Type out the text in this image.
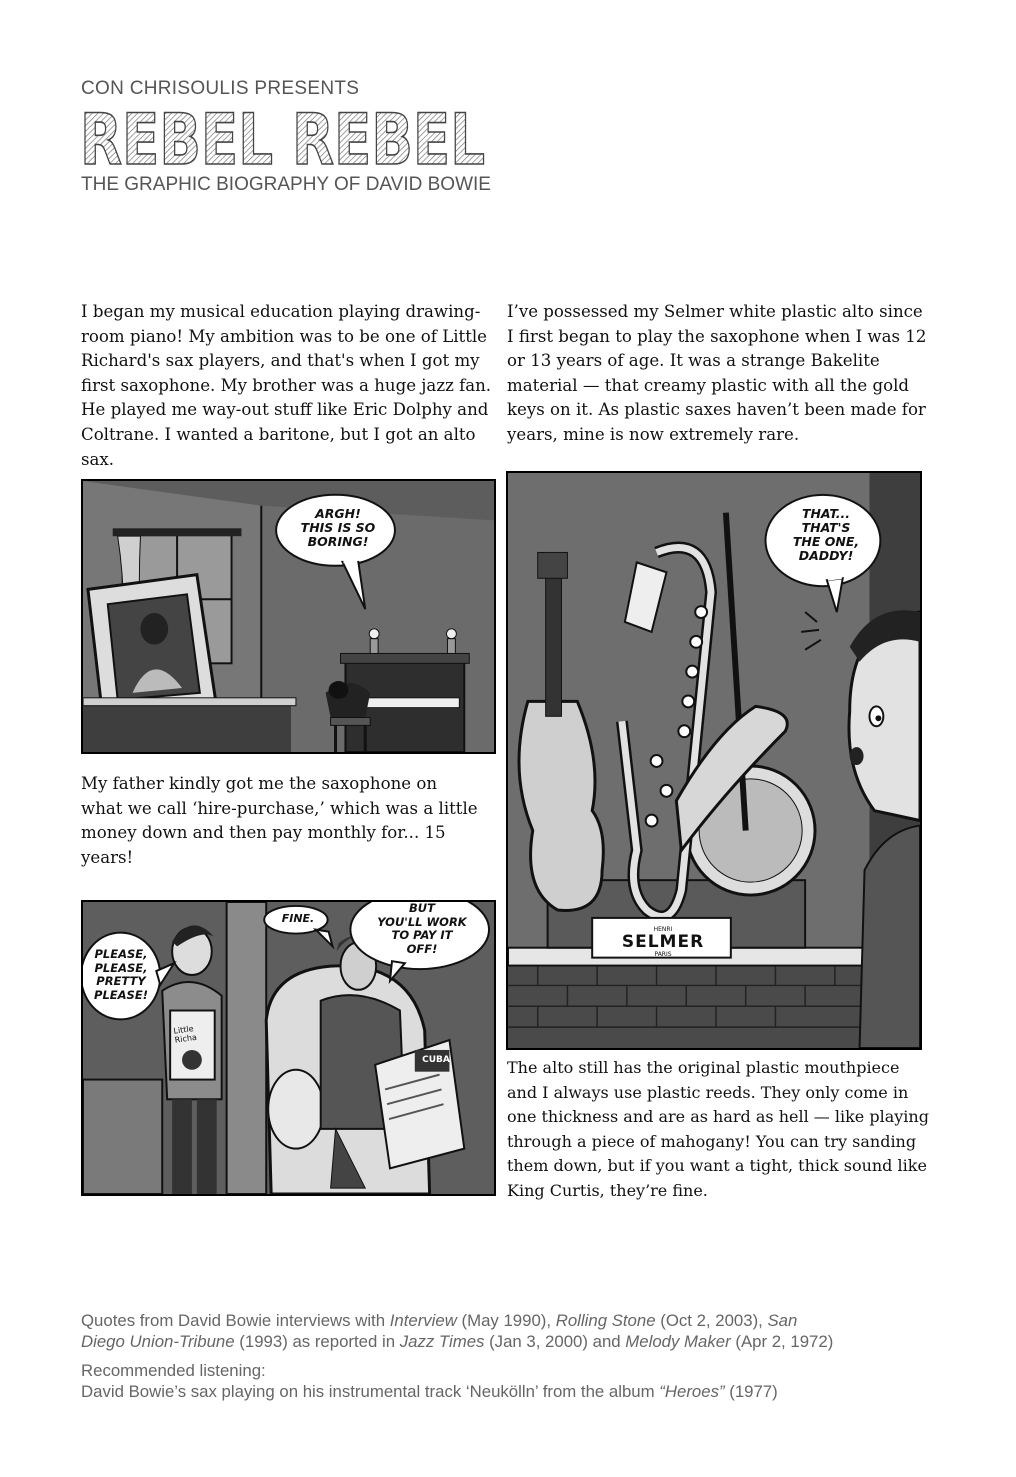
CON CHRISOULIS PRESENTS
REBEL REBEL
THE GRAPHIC BIOGRAPHY OF DAVID BOWIE

I began my musical education playing drawing-room piano! My ambition was to be one of Little Richard's sax players, and that's when I got my first saxophone. My brother was a huge jazz fan. He played me way-out stuff like Eric Dolphy and Coltrane. I wanted a baritone, but I got an alto sax.

I’ve possessed my Selmer white plastic alto since I first began to play the saxophone when I was 12 or 13 years of age. It was a strange Bakelite material — that creamy plastic with all the gold keys on it. As plastic saxes haven’t been made for years, mine is now extremely rare.

My father kindly got me the saxophone on what we call ‘hire-purchase,’ which was a little money down and then pay monthly for... 15 years!

The alto still has the original plastic mouthpiece and I always use plastic reeds. They only come in one thickness and are as hard as hell — like playing through a piece of mahogany! You can try sanding them down, but if you want a tight, thick sound like King Curtis, they’re fine.

ARGH!
THIS IS SO
BORING!
THAT...
THAT'S
THE ONE,
DADDY!
HENRI
SELMER
PARIS
PLEASE,
PLEASE,
PRETTY
PLEASE!
FINE.
BUT
YOU'LL WORK
TO PAY IT
OFF!
Little Richa
CUBA

Quotes from David Bowie interviews with Interview (May 1990), Rolling Stone (Oct 2, 2003), San
Diego Union-Tribune (1993) as reported in Jazz Times (Jan 3, 2000) and Melody Maker (Apr 2, 1972)

Recommended listening:
David Bowie’s sax playing on his instrumental track ‘Neukölln’ from the album “Heroes” (1977)
